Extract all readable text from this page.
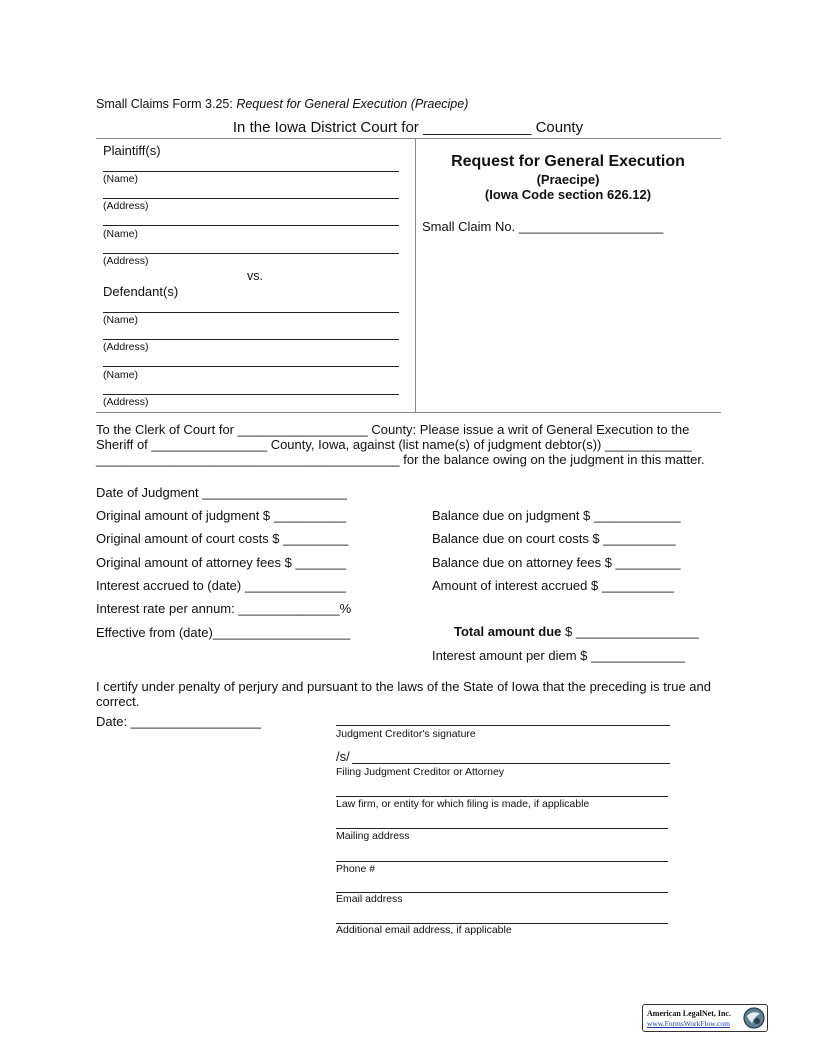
Small Claims Form 3.25: Request for General Execution (Praecipe)
In the Iowa District Court for _____________ County
Plaintiff(s)
(Name)
(Address)
(Name)
(Address)
vs.
Defendant(s)
(Name)
(Address)
(Name)
(Address)
Request for General Execution
(Praecipe)
(Iowa Code section 626.12)
Small Claim No. ____________________
To the Clerk of Court for __________________ County: Please issue a writ of General Execution to the
Sheriff of ________________ County, Iowa, against (list name(s) of judgment debtor(s)) ____________
__________________________________________ for the balance owing on the judgment in this matter.
Date of Judgment ____________________
Original amount of judgment $ __________
Original amount of court costs $ _________
Original amount of attorney fees $ _______
Interest accrued to (date) ______________
Interest rate per annum: ______________%
Effective from (date)___________________
Balance due on judgment $ ____________
Balance due on court costs $ __________
Balance due on attorney fees $ _________
Amount of interest accrued $ __________
Total amount due $ _________________
Interest amount per diem $ _____________
I certify under penalty of perjury and pursuant to the laws of the State of Iowa that the preceding is true and
correct.
Date: __________________
Judgment Creditor's signature
/s/
Filing Judgment Creditor or Attorney
Law firm, or entity for which filing is made, if applicable
Mailing address
Phone #
Email address
Additional email address, if applicable
American LegalNet, Inc.
www.FormsWorkFlow.com
